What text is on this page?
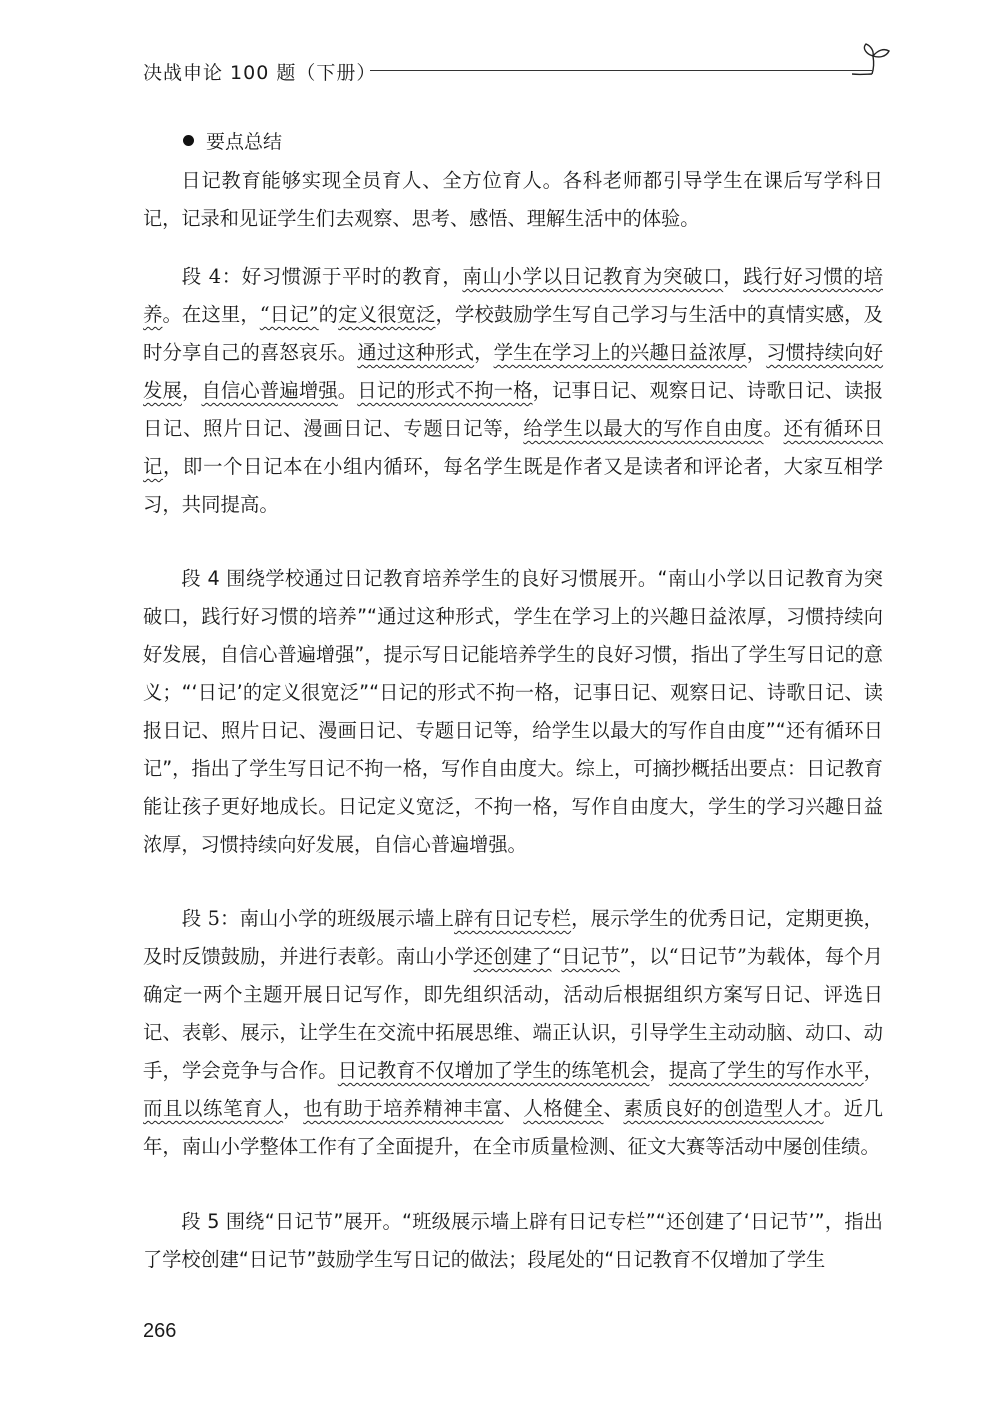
决战申论 100 题（下册）
要点总结

日记教育能够实现全员育人、全方位育人。各科老师都引导学生在课后写学科日记，记录和见证学生们去观察、思考、感悟、理解生活中的体验。

段 4：好习惯源于平时的教育，南山小学以日记教育为突破口，践行好习惯的培养。在这里，“日记”的定义很宽泛，学校鼓励学生写自己学习与生活中的真情实感，及时分享自己的喜怒哀乐。通过这种形式，学生在学习上的兴趣日益浓厚，习惯持续向好发展，自信心普遍增强。日记的形式不拘一格，记事日记、观察日记、诗歌日记、读报日记、照片日记、漫画日记、专题日记等，给学生以最大的写作自由度。还有循环日记，即一个日记本在小组内循环，每名学生既是作者又是读者和评论者，大家互相学习，共同提高。

段 4 围绕学校通过日记教育培养学生的良好习惯展开。“南山小学以日记教育为突破口，践行好习惯的培养”“通过这种形式，学生在学习上的兴趣日益浓厚，习惯持续向好发展，自信心普遍增强”，提示写日记能培养学生的良好习惯，指出了学生写日记的意义；“‘日记’的定义很宽泛”“日记的形式不拘一格，记事日记、观察日记、诗歌日记、读报日记、照片日记、漫画日记、专题日记等，给学生以最大的写作自由度”“还有循环日记”，指出了学生写日记不拘一格，写作自由度大。综上，可摘抄概括出要点：日记教育能让孩子更好地成长。日记定义宽泛，不拘一格，写作自由度大，学生的学习兴趣日益浓厚，习惯持续向好发展，自信心普遍增强。

段 5：南山小学的班级展示墙上辟有日记专栏，展示学生的优秀日记，定期更换，及时反馈鼓励，并进行表彰。南山小学还创建了“日记节”，以“日记节”为载体，每个月确定一两个主题开展日记写作，即先组织活动，活动后根据组织方案写日记、评选日记、表彰、展示，让学生在交流中拓展思维、端正认识，引导学生主动动脑、动口、动手，学会竞争与合作。日记教育不仅增加了学生的练笔机会，提高了学生的写作水平，而且以练笔育人，也有助于培养精神丰富、人格健全、素质良好的创造型人才。近几年，南山小学整体工作有了全面提升，在全市质量检测、征文大赛等活动中屡创佳绩。

段 5 围绕“日记节”展开。“班级展示墙上辟有日记专栏”“还创建了‘日记节’”，指出了学校创建“日记节”鼓励学生写日记的做法；段尾处的“日记教育不仅增加了学生

266
